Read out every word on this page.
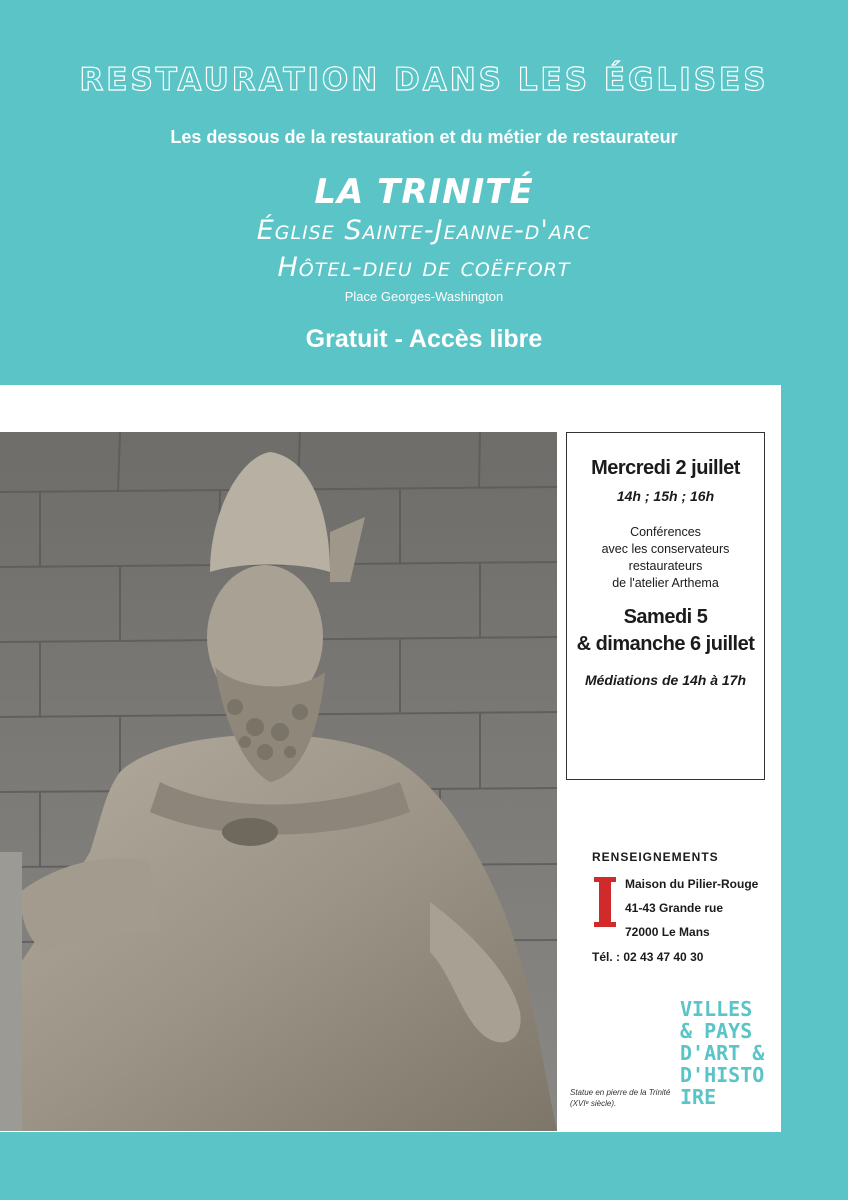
RESTAURATION DANS LES ÉGLISES
Les dessous de la restauration et du métier de restaurateur
LA TRINITÉ
Église Sainte-Jeanne-d'arc
Hôtel-dieu de coëffort
Place Georges-Washington
Gratuit - Accès libre
Mercredi 2 juillet
14h ; 15h ; 16h
Conférences
avec les conservateurs
restaurateurs
de l'atelier Arthema
Samedi 5
& dimanche 6 juillet
Médiations de 14h à 17h
RENSEIGNEMENTS
Maison du Pilier-Rouge
41-43 Grande rue
72000 Le Mans
Tél. : 02 43 47 40 30
Statue en pierre de la Trinité (XVIᵉ siècle).
VILLES
& PAYS
D'ART &
D'HISTO
IRE
